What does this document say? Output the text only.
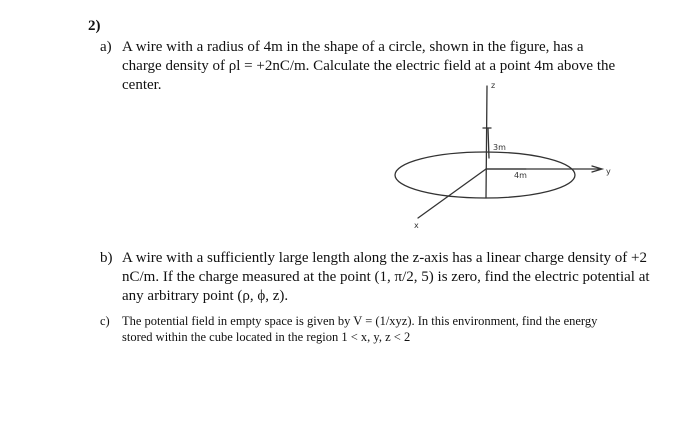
2)
a) A wire with a radius of 4m in the shape of a circle, shown in the figure, has a
charge density of ρl = +2nC/m. Calculate the electric field at a point 4m above the
center.	z
3m
4m	y
x
b) A wire with a sufficiently large length along the z-axis has a linear charge density of +2
nC/m. If the charge measured at the point (1, π/2, 5) is zero, find the electric potential at
any arbitrary point (ρ, ϕ, z).
c) The potential field in empty space is given by V = (1/xyz). In this environment, find the energy
stored within the cube located in the region 1 < x, y, z < 2
